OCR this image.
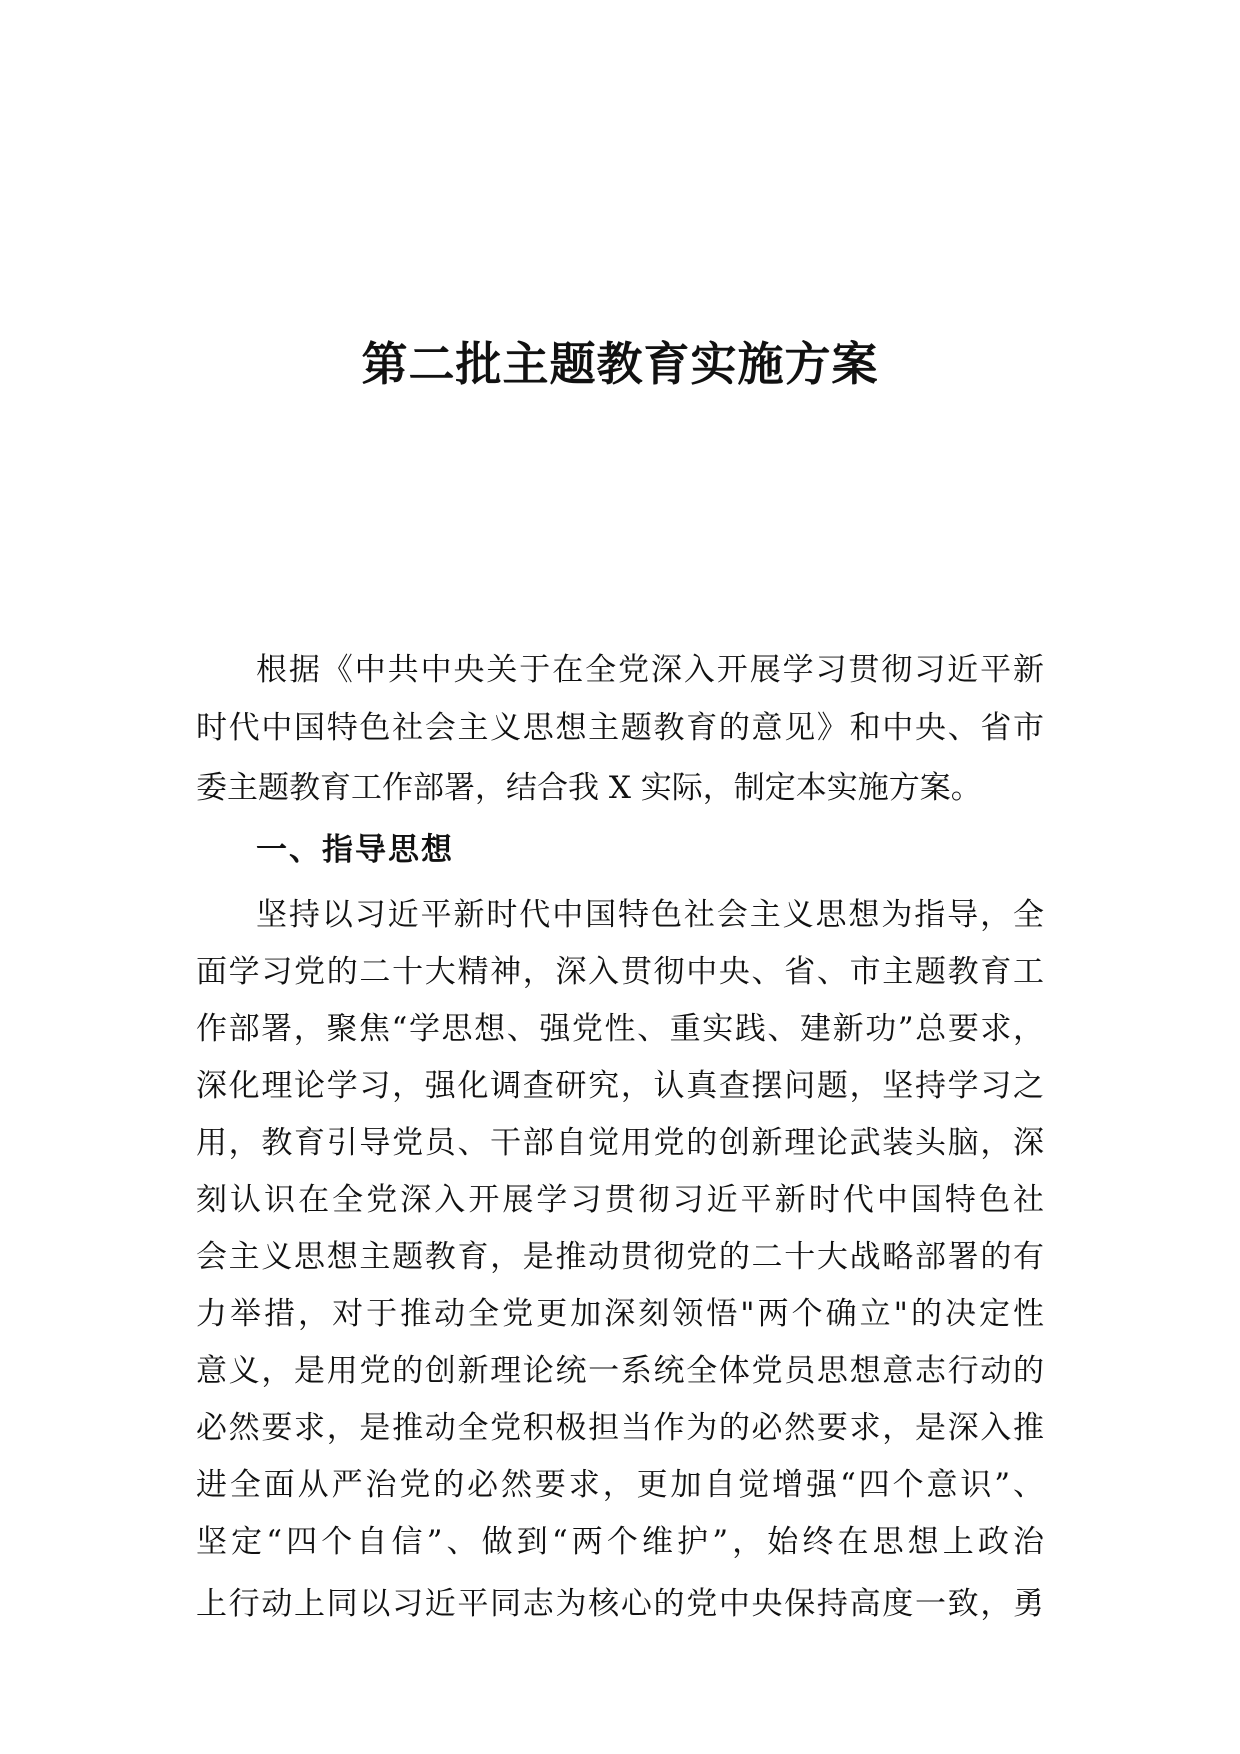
第二批主题教育实施方案
根据《中共中央关于在全党深入开展学习贯彻习近平新
时代中国特色社会主义思想主题教育的意见》和中央、省市
委主题教育工作部署，结合我 X 实际，制定本实施方案。
一、指导思想
坚持以习近平新时代中国特色社会主义思想为指导，全
面学习党的二十大精神，深入贯彻中央、省、市主题教育工
作部署，聚焦“学思想、强党性、重实践、建新功”总要求，
深化理论学习，强化调查研究，认真查摆问题，坚持学习之
用，教育引导党员、干部自觉用党的创新理论武装头脑，深
刻认识在全党深入开展学习贯彻习近平新时代中国特色社
会主义思想主题教育，是推动贯彻党的二十大战略部署的有
力举措，对于推动全党更加深刻领悟"两个确立"的决定性
意义，是用党的创新理论统一系统全体党员思想意志行动的
必然要求，是推动全党积极担当作为的必然要求，是深入推
进全面从严治党的必然要求，更加自觉增强“四个意识”、
坚定“四个自信”、做到“两个维护”，始终在思想上政治
上行动上同以习近平同志为核心的党中央保持高度一致，勇
